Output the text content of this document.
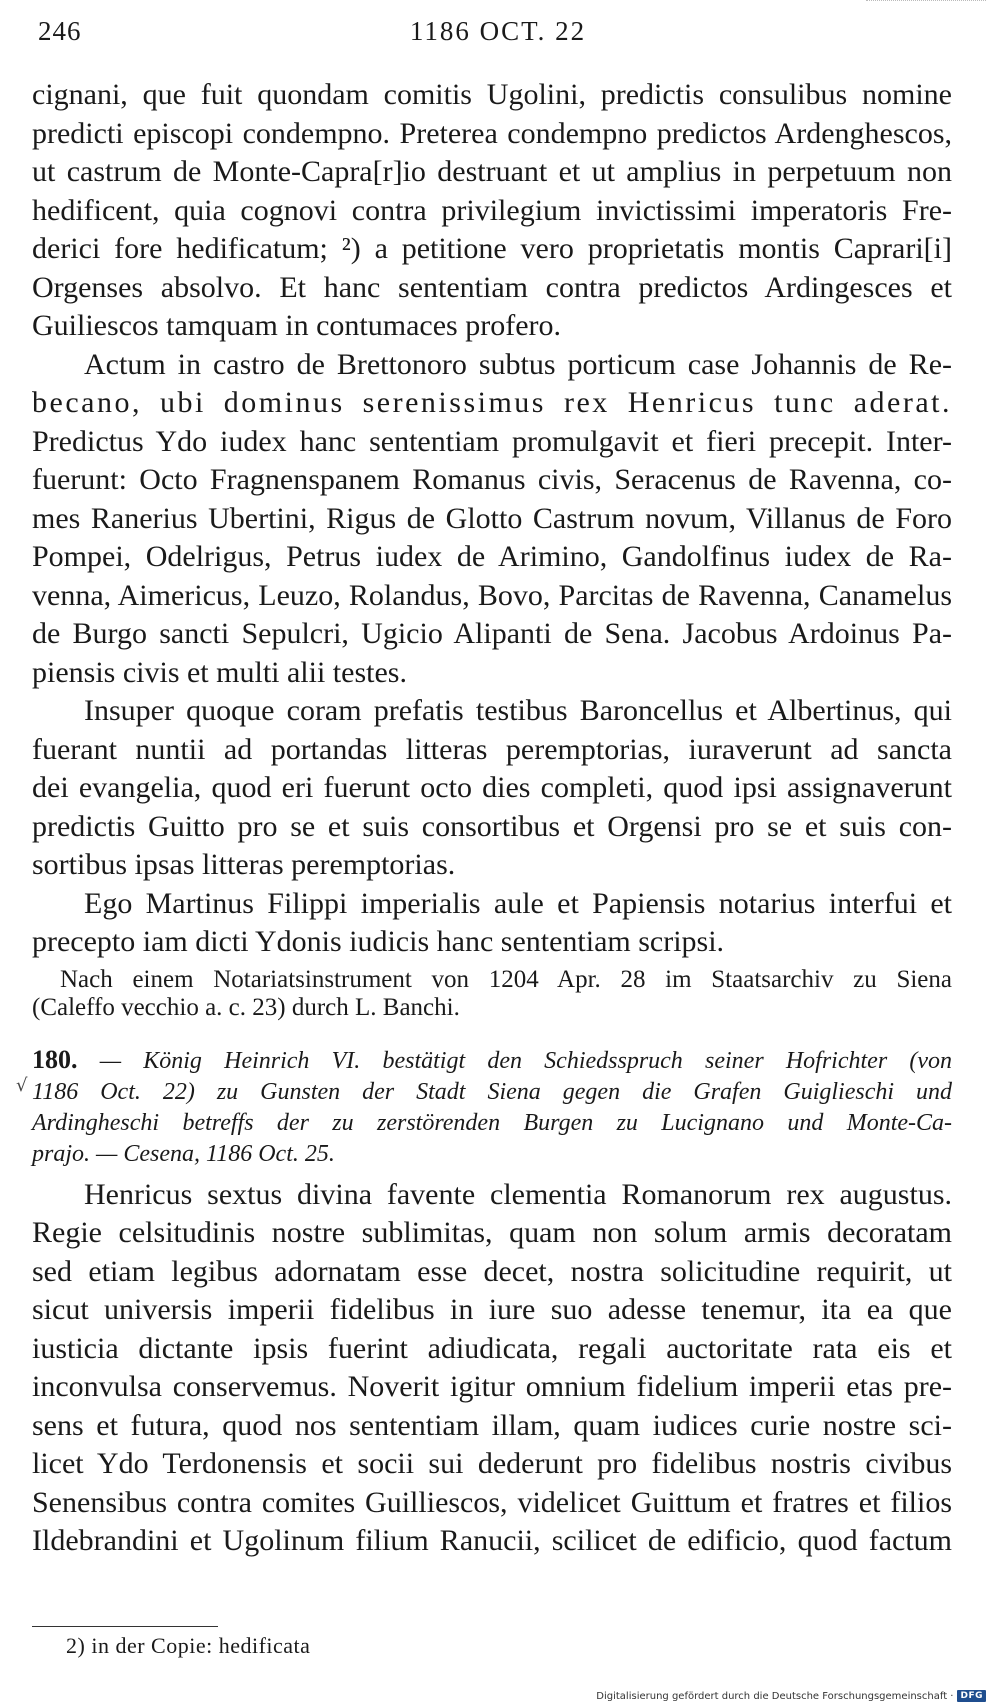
246	1186 OCT. 22
cignani, que fuit quondam comitis Ugolini, predictis consulibus nomine
predicti episcopi condempno. Preterea condempno predictos Ardenghescos,
ut castrum de Monte-Capra[r]io destruant et ut amplius in perpetuum non
hedificent, quia cognovi contra privilegium invictissimi imperatoris Fre-
derici fore hedificatum; ²) a petitione vero proprietatis montis Caprari[i]
Orgenses absolvo. Et hanc sententiam contra predictos Ardingesces et
Guiliescos tamquam in contumaces profero.
Actum in castro de Brettonoro subtus porticum case Johannis de Re-
becano, ubi dominus serenissimus rex Henricus tunc aderat.
Predictus Ydo iudex hanc sententiam promulgavit et fieri precepit. Inter-
fuerunt: Octo Fragnenspanem Romanus civis, Seracenus de Ravenna, co-
mes Ranerius Ubertini, Rigus de Glotto Castrum novum, Villanus de Foro
Pompei, Odelrigus, Petrus iudex de Arimino, Gandolfinus iudex de Ra-
venna, Aimericus, Leuzo, Rolandus, Bovo, Parcitas de Ravenna, Canamelus
de Burgo sancti Sepulcri, Ugicio Alipanti de Sena. Jacobus Ardoinus Pa-
piensis civis et multi alii testes.
Insuper quoque coram prefatis testibus Baroncellus et Albertinus, qui
fuerant nuntii ad portandas litteras peremptorias, iuraverunt ad sancta
dei evangelia, quod eri fuerunt octo dies completi, quod ipsi assignaverunt
predictis Guitto pro se et suis consortibus et Orgensi pro se et suis con-
sortibus ipsas litteras peremptorias.
Ego Martinus Filippi imperialis aule et Papiensis notarius interfui et
precepto iam dicti Ydonis iudicis hanc sententiam scripsi.
Nach einem Notariatsinstrument von 1204 Apr. 28 im Staatsarchiv zu Siena
(Caleffo vecchio a. c. 23) durch L. Banchi.
180. — König Heinrich VI. bestätigt den Schiedsspruch seiner Hofrichter (von
1186 Oct. 22) zu Gunsten der Stadt Siena gegen die Grafen Guiglieschi und
Ardingheschi betreffs der zu zerstörenden Burgen zu Lucignano und Monte-Ca-
prajo. — Cesena, 1186 Oct. 25.
Henricus sextus divina favente clementia Romanorum rex augustus.
Regie celsitudinis nostre sublimitas, quam non solum armis decoratam
sed etiam legibus adornatam esse decet, nostra solicitudine requirit, ut
sicut universis imperii fidelibus in iure suo adesse tenemur, ita ea que
iusticia dictante ipsis fuerint adiudicata, regali auctoritate rata eis et
inconvulsa conservemus. Noverit igitur omnium fidelium imperii etas pre-
sens et futura, quod nos sententiam illam, quam iudices curie nostre sci-
licet Ydo Terdonensis et socii sui dederunt pro fidelibus nostris civibus
Senensibus contra comites Guilliescos, videlicet Guittum et fratres et filios
Ildebrandini et Ugolinum filium Ranucii, scilicet de edificio, quod factum
√
2) in der Copie: hedificata
Digitalisierung gefördert durch die Deutsche Forschungsgemeinschaft · DFG
